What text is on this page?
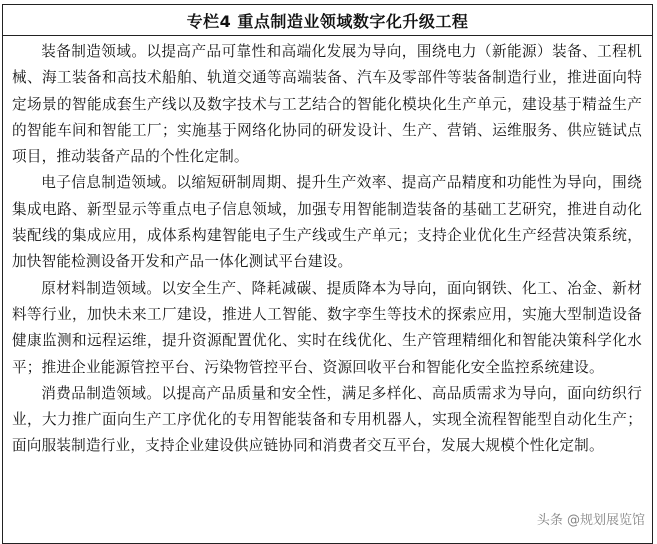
专栏4 重点制造业领域数字化升级工程

装备制造领域。以提高产品可靠性和高端化发展为导向，围绕电力（新能源）装备、工程机械、海工装备和高技术船舶、轨道交通等高端装备、汽车及零部件等装备制造行业，推进面向特定场景的智能成套生产线以及数字技术与工艺结合的智能化模块化生产单元，建设基于精益生产的智能车间和智能工厂；实施基于网络化协同的研发设计、生产、营销、运维服务、供应链试点项目，推动装备产品的个性化定制。

电子信息制造领域。以缩短研制周期、提升生产效率、提高产品精度和功能性为导向，围绕集成电路、新型显示等重点电子信息领域，加强专用智能制造装备的基础工艺研究，推进自动化装配线的集成应用，成体系构建智能电子生产线或生产单元；支持企业优化生产经营决策系统，加快智能检测设备开发和产品一体化测试平台建设。

原材料制造领域。以安全生产、降耗减碳、提质降本为导向，面向钢铁、化工、冶金、新材料等行业，加快未来工厂建设，推进人工智能、数字孪生等技术的探索应用，实施大型制造设备健康监测和远程运维，提升资源配置优化、实时在线优化、生产管理精细化和智能决策科学化水平；推进企业能源管控平台、污染物管控平台、资源回收平台和智能化安全监控系统建设。

消费品制造领域。以提高产品质量和安全性，满足多样化、高品质需求为导向，面向纺织行业，大力推广面向生产工序优化的专用智能装备和专用机器人，实现全流程智能型自动化生产；面向服装制造行业，支持企业建设供应链协同和消费者交互平台，发展大规模个性化定制。

头条 @规划展览馆
